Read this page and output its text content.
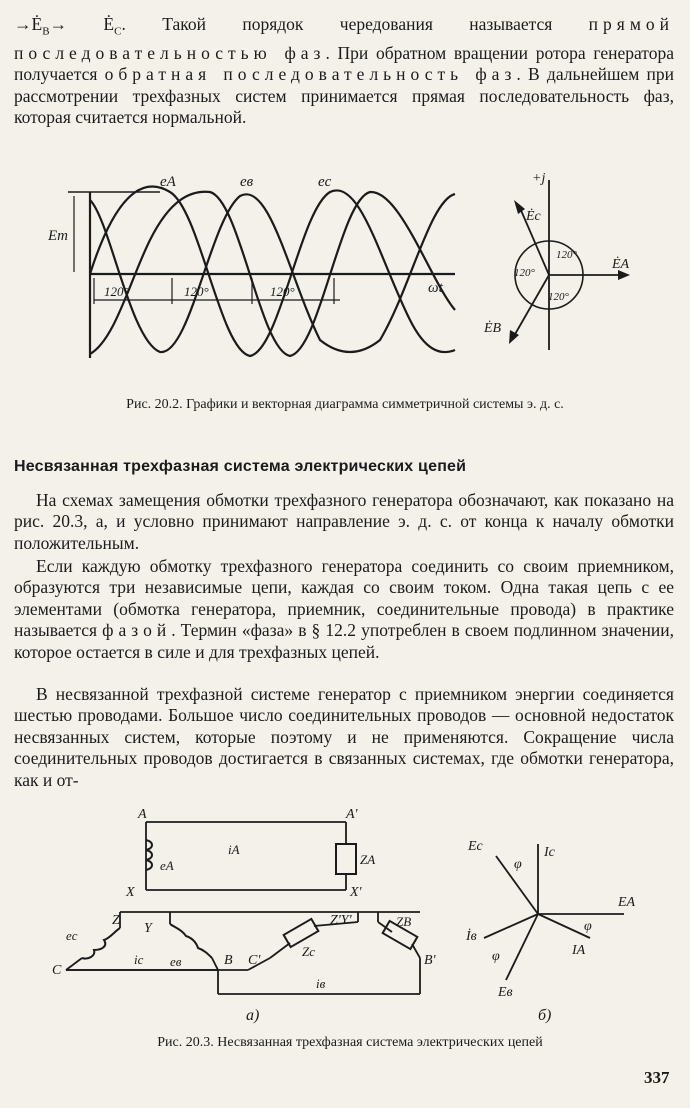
$\to Ė_B\to$ $Ė_C$. Такой порядок чередования называется прямой последовательностью фаз. При обратном вращении ротора генератора получается обратная последовательность фаз. В дальнейшем при рассмотрении трехфазных систем принимается прямая последовательность фаз, которая считается нормальной.

eA	eв	ec
Em
ωt
120°	120°	120°
+j
Ėc
ĖA
ĖB
120°
120°
120°

Рис. 20.2. Графики и векторная диаграмма симметричной системы э. д. с.

Несвязанная трехфазная система электрических цепей

На схемах замещения обмотки трехфазного генератора обозначают, как показано на рис. 20.3, а, и условно принимают направление э. д. с. от конца к началу обмотки положительным.

Если каждую обмотку трехфазного генератора соединить со своим приемником, образуются три независимые цепи, каждая со своим током. Одна такая цепь с ее элементами (обмотка генератора, приемник, соединительные провода) в практике называется фазой. Термин «фаза» в § 12.2 употреблен в своем подлинном значении, которое остается в силе и для трехфазных цепей.

В несвязанной трехфазной системе генератор с приемником энергии соединяется шестью проводами. Большое число соединительных проводов — основной недостаток несвязанных систем, которые поэтому и не применяются. Сокращение числа соединительных проводов достигается в связанных системах, где обмотки генератора, как и от-

A	A'
X	X'
eA
iA
ZA
Z
Y
Z'Y'
ec
eв
ic
iв
C
B C'	B'
Zc
ZB
а)
Ec	Ic
EA
IA
İв
Eв
φ
φ
φ
б)

Рис. 20.3. Несвязанная трехфазная система электрических цепей

337
